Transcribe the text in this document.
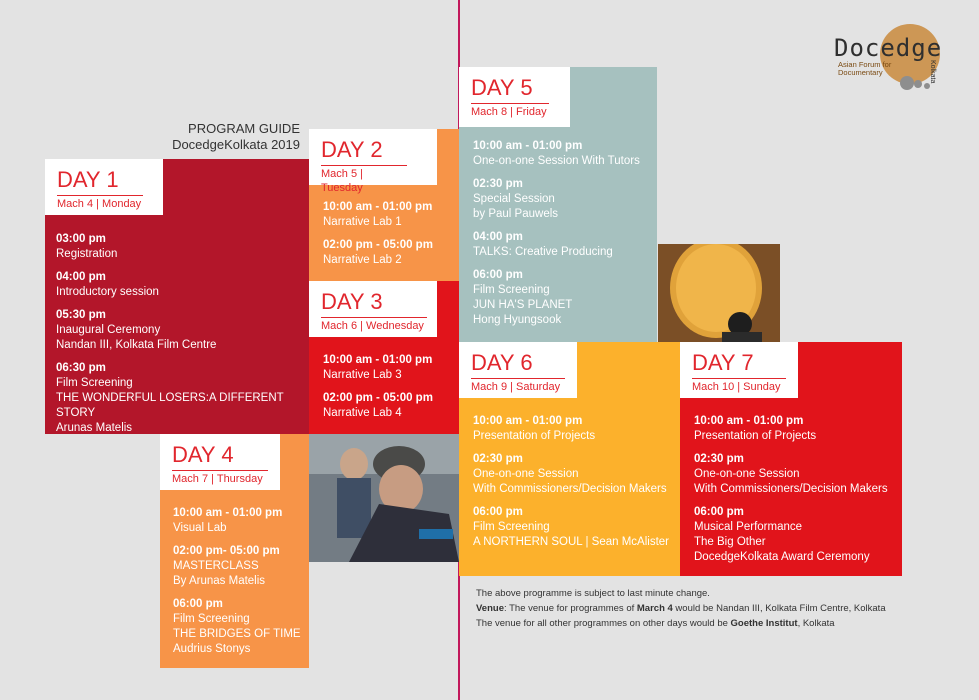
Docedge
Kolkata
Asian Forum for
Documentary
PROGRAM GUIDE
DocedgeKolkata 2019
DAY 1
Mach 4 | Monday
03:00 pm
Registration
04:00 pm
Introductory session
05:30 pm
Inaugural Ceremony
Nandan III, Kolkata Film Centre
06:30 pm
Film Screening
THE WONDERFUL LOSERS:A DIFFERENT STORY
Arunas Matelis
DAY 2
Mach 5 | Tuesday
10:00 am - 01:00 pm
Narrative Lab 1
02:00 pm - 05:00 pm
Narrative Lab 2
DAY 3
Mach 6 | Wednesday
10:00 am - 01:00 pm
Narrative Lab 3
02:00 pm - 05:00 pm
Narrative Lab 4
DAY 4
Mach 7 | Thursday
10:00 am - 01:00 pm
Visual Lab
02:00 pm- 05:00 pm
MASTERCLASS
By Arunas Matelis
06:00 pm
Film Screening
THE BRIDGES OF TIME
Audrius Stonys
DAY 5
Mach 8 | Friday
10:00 am - 01:00 pm
One-on-one Session With Tutors
02:30 pm
Special Session
by Paul Pauwels
04:00 pm
TALKS: Creative Producing
06:00 pm
Film Screening
JUN HA'S PLANET
Hong Hyungsook
DAY 6
Mach 9 | Saturday
10:00 am - 01:00 pm
Presentation of Projects
02:30 pm
One-on-one Session
With Commissioners/Decision Makers
06:00 pm
Film Screening
A NORTHERN SOUL | Sean McAlister
DAY 7
Mach 10 | Sunday
10:00 am - 01:00 pm
Presentation of Projects
02:30 pm
One-on-one Session
With Commissioners/Decision Makers
06:00 pm
Musical Performance
The Big Other
DocedgeKolkata Award Ceremony
The above programme is subject to last minute change.
Venue: The venue for programmes of March 4 would be Nandan III, Kolkata Film Centre, Kolkata
The venue for all other programmes on other days would be Goethe Institut, Kolkata
